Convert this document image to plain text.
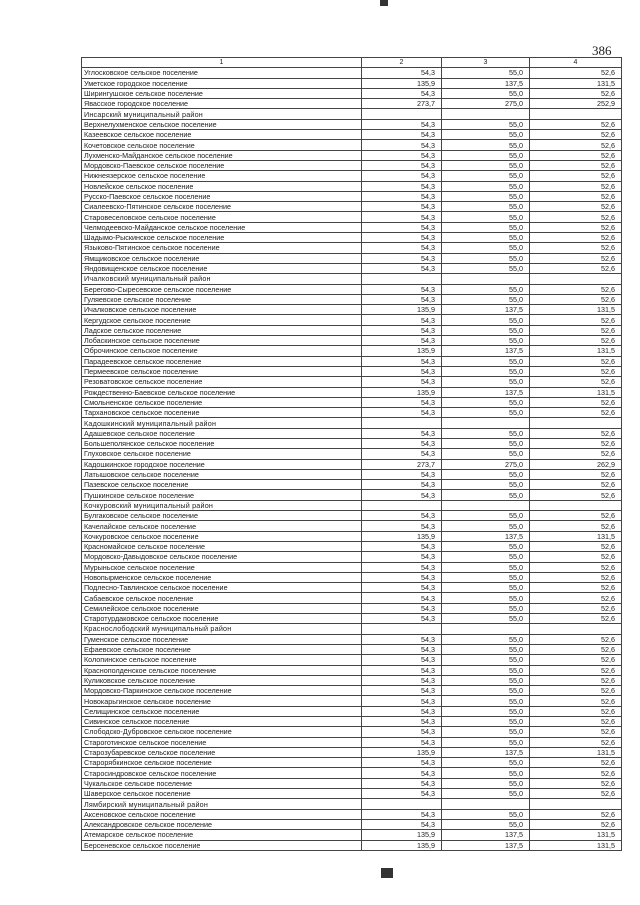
386
1	2	3	4
Углосковское сельское поселение	54,3	55,0	52,6
Уметское городское поселение	135,9	137,5	131,5
Ширингушское сельское поселение	54,3	55,0	52,6
Явасское городское поселение	273,7	275,0	252,9
Инсарский муниципальный район			
Верхнелухменское сельское поселение	54,3	55,0	52,6
Казеевское сельское поселение	54,3	55,0	52,6
Кочетовское сельское поселение	54,3	55,0	52,6
Лухменско-Майданское сельское поселение	54,3	55,0	52,6
Мордовско-Паевское сельское поселение	54,3	55,0	52,6
Нижнеязерское сельское поселение	54,3	55,0	52,6
Новлейское сельское поселение	54,3	55,0	52,6
Русско-Паевское сельское поселение	54,3	55,0	52,6
Сиалеевско-Пятинское сельское поселение	54,3	55,0	52,6
Старовеселовское сельское поселение	54,3	55,0	52,6
Челмодеевско-Майданское сельское поселение	54,3	55,0	52,6
Шадымо-Рыскинское сельское поселение	54,3	55,0	52,6
Языково-Пятинское сельское поселение	54,3	55,0	52,6
Ямщиковское сельское поселение	54,3	55,0	52,6
Яндовищенское сельское поселение	54,3	55,0	52,6
Ичалковский муниципальный район			
Берегово-Сыресевское сельское поселение	54,3	55,0	52,6
Гуляевское сельское поселение	54,3	55,0	52,6
Ичалковское сельское поселение	135,9	137,5	131,5
Кергудское сельское поселение	54,3	55,0	52,6
Ладское сельское поселение	54,3	55,0	52,6
Лобаскинское сельское поселение	54,3	55,0	52,6
Оброчинское сельское поселение	135,9	137,5	131,5
Парадеевское сельское поселение	54,3	55,0	52,6
Пермеевское сельское поселение	54,3	55,0	52,6
Резоватовское сельское поселение	54,3	55,0	52,6
Рождественно-Баевское сельское поселение	135,9	137,5	131,5
Смольненское сельское поселение	54,3	55,0	52,6
Тархановское сельское поселение	54,3	55,0	52,6
Кадошкинский муниципальный район			
Адашевское сельское поселение	54,3	55,0	52,6
Большеполянское сельское поселение	54,3	55,0	52,6
Глуховское сельское поселение	54,3	55,0	52,6
Кадошкинское городское поселение	273,7	275,0	262,9
Латышовское сельское поселение	54,3	55,0	52,6
Пазевское сельское поселение	54,3	55,0	52,6
Пушкинское сельское поселение	54,3	55,0	52,6
Кочкуровский муниципальный район			
Булгаковское сельское поселение	54,3	55,0	52,6
Качелайское сельское поселение	54,3	55,0	52,6
Кочкуровское сельское поселение	135,9	137,5	131,5
Красномайское сельское поселение	54,3	55,0	52,6
Мордовско-Давыдовское сельское поселение	54,3	55,0	52,6
Мурыньское сельское поселение	54,3	55,0	52,6
Новопырменское сельское поселение	54,3	55,0	52,6
Подлесно-Тавлинское сельское поселение	54,3	55,0	52,6
Сабаевское сельское поселение	54,3	55,0	52,6
Семилейское сельское поселение	54,3	55,0	52,6
Старотурдаковское сельское поселение	54,3	55,0	52,6
Краснослободский муниципальный район			
Гуменское сельское поселение	54,3	55,0	52,6
Ефаевское сельское поселение	54,3	55,0	52,6
Колопинское сельское поселение	54,3	55,0	52,6
Краснополденское сельское поселение	54,3	55,0	52,6
Куликовское сельское поселение	54,3	55,0	52,6
Мордовско-Паркинское сельское поселение	54,3	55,0	52,6
Новокарьгинское сельское поселение	54,3	55,0	52,6
Селищинское сельское поселение	54,3	55,0	52,6
Сивинское сельское поселение	54,3	55,0	52,6
Слободско-Дубровское сельское поселение	54,3	55,0	52,6
Староготинское сельское поселение	54,3	55,0	52,6
Старозубаревское сельское поселение	135,9	137,5	131,5
Старорябкинское сельское поселение	54,3	55,0	52,6
Старосиндровское сельское поселение	54,3	55,0	52,6
Чукальское сельское поселение	54,3	55,0	52,6
Шаверское сельское поселение	54,3	55,0	52,6
Лямбирский муниципальный район			
Аксеновское сельское поселение	54,3	55,0	52,6
Александровское сельское поселение	54,3	55,0	52,6
Атемарское сельское поселение	135,9	137,5	131,5
Берсеневское сельское поселение	135,9	137,5	131,5
